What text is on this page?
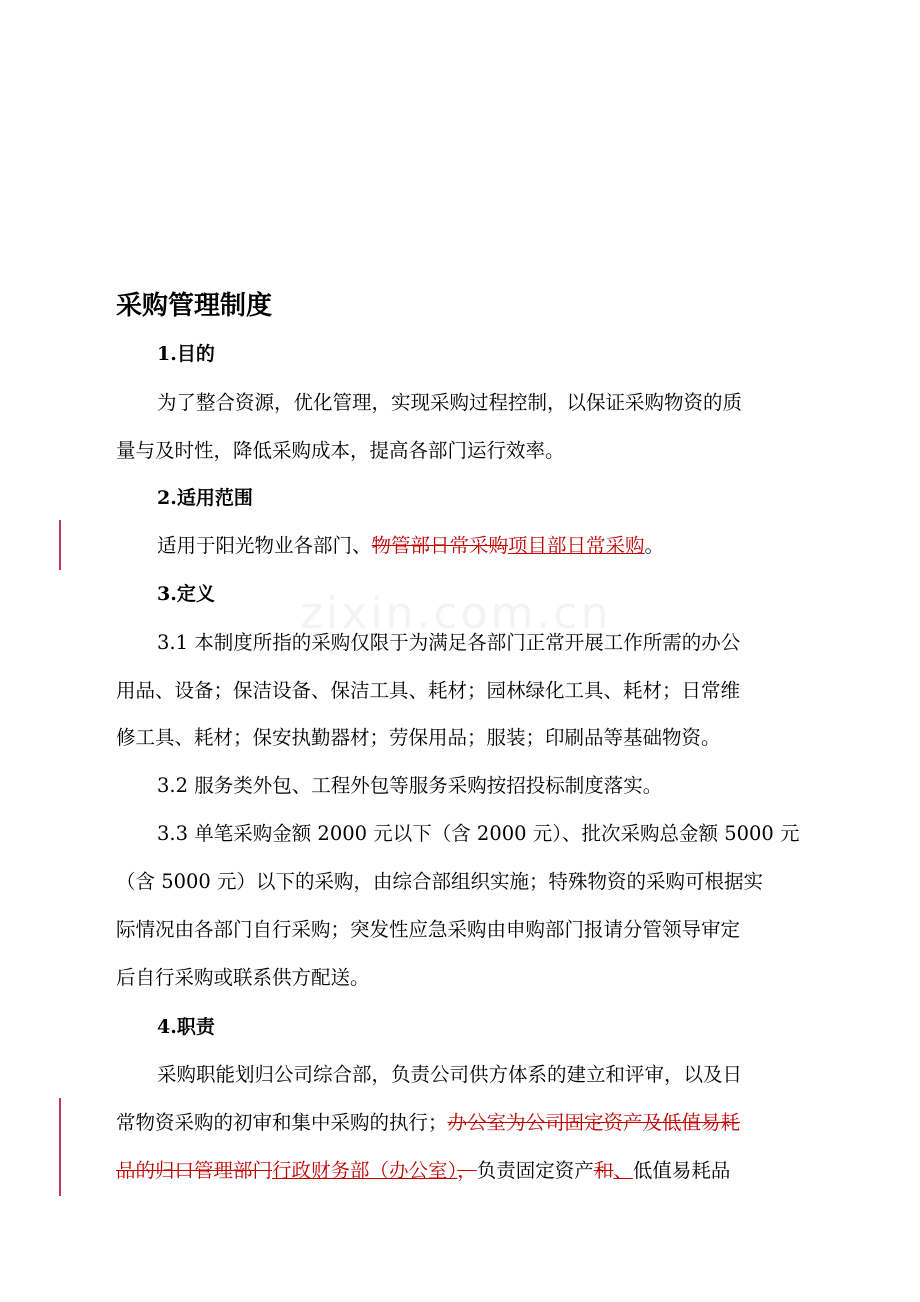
zixin.com.cn
采购管理制度
1.目的
为了整合资源，优化管理，实现采购过程控制，以保证采购物资的质
量与及时性，降低采购成本，提高各部门运行效率。
2.适用范围
适用于阳光物业各部门、物管部日常采购项目部日常采购。
3.定义
3.1 本制度所指的采购仅限于为满足各部门正常开展工作所需的办公
用品、设备；保洁设备、保洁工具、耗材；园林绿化工具、耗材；日常维
修工具、耗材；保安执勤器材；劳保用品；服装；印刷品等基础物资。
3.2 服务类外包、工程外包等服务采购按招投标制度落实。
3.3 单笔采购金额 2000 元以下（含 2000 元）、批次采购总金额 5000 元
（含 5000 元）以下的采购，由综合部组织实施；特殊物资的采购可根据实
际情况由各部门自行采购；突发性应急采购由申购部门报请分管领导审定
后自行采购或联系供方配送。
4.职责
采购职能划归公司综合部，负责公司供方体系的建立和评审，以及日
常物资采购的初审和集中采购的执行；办公室为公司固定资产及低值易耗
品的归口管理部门行政财务部（办公室），负责固定资产和、低值易耗品
